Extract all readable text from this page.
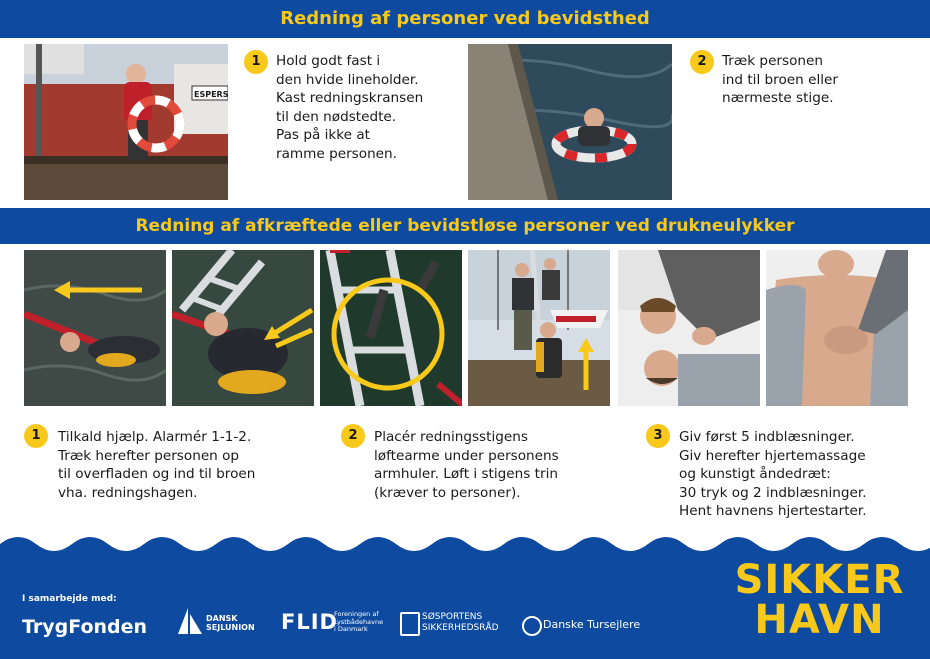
Redning af personer ved bevidsthed
ESPERS
1	Hold godt fast i
den hvide lineholder.
Kast redningskransen
til den nødstedte.
Pas på ikke at
ramme personen.
2	Træk personen
ind til broen eller
nærmeste stige.
Redning af afkræftede eller bevidstløse personer ved drukneulykker
1	Tilkald hjælp. Alarmér 1-1-2.
Træk herefter personen op
til overfladen og ind til broen
vha. redningshagen.
2	Placér redningsstigens
løftearme under personens
armhuler. Løft i stigens trin
(kræver to personer).
3	Giv først 5 indblæsninger.
Giv herefter hjertemassage
og kunstigt åndedræt:
30 tryk og 2 indblæsninger.
Hent havnens hjertestarter.
I samarbejde med:
TrygFonden	DANSK SEJLUNION	FLID
Foreningen af Lystbådehavne i Danmark
SØSPORTENS SIKKERHEDSRÅD	Danske Tursejlere
SIKKER
HAVN
